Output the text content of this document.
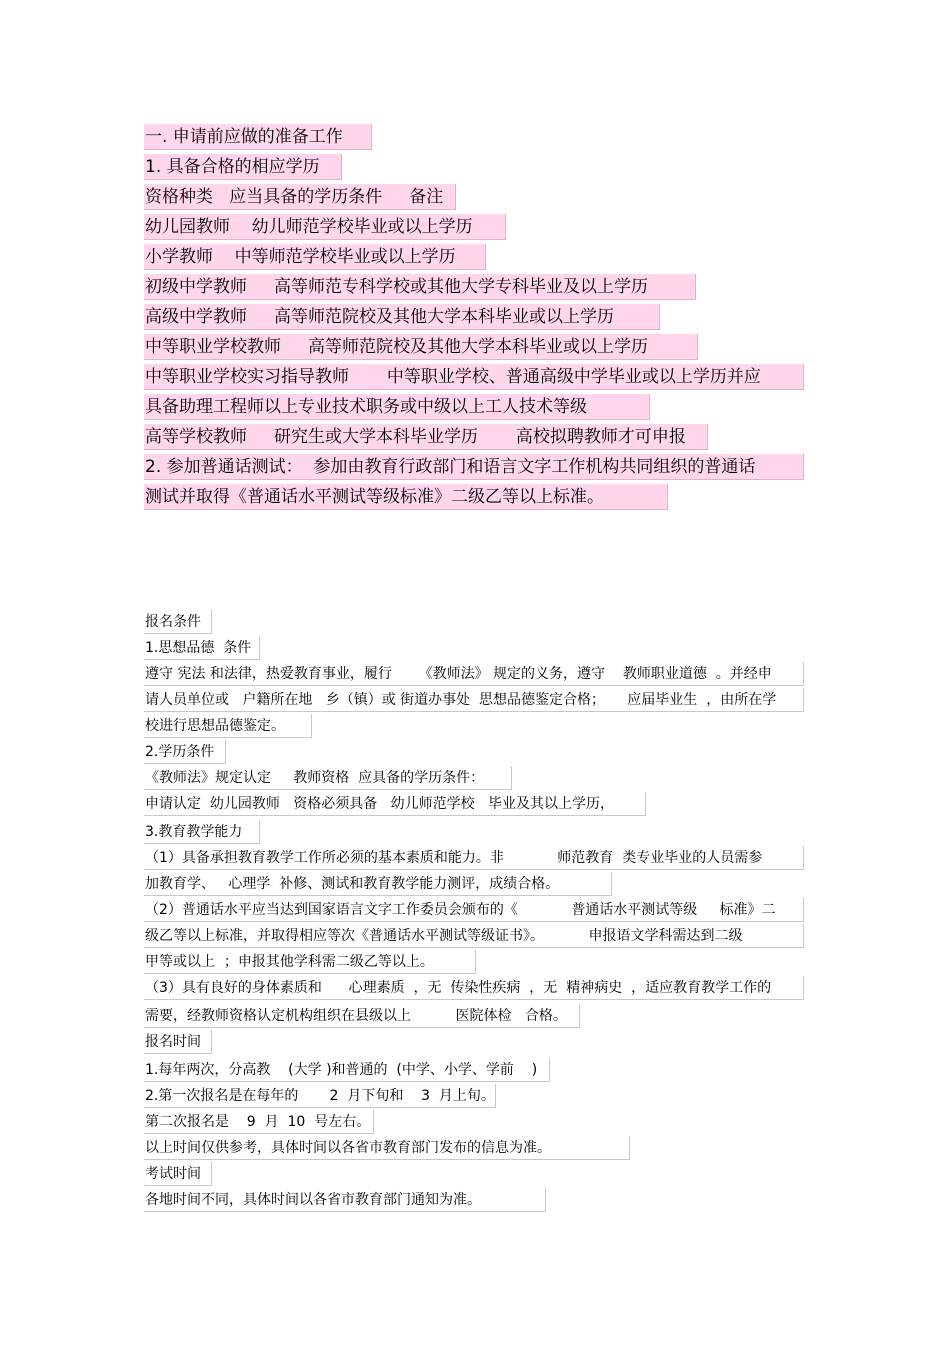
一. 申请前应做的准备工作
1. 具备合格的相应学历
资格种类   应当具备的学历条件     备注
幼儿园教师    幼儿师范学校毕业或以上学历
小学教师    中等师范学校毕业或以上学历
初级中学教师     高等师范专科学校或其他大学专科毕业及以上学历
高级中学教师     高等师范院校及其他大学本科毕业或以上学历
中等职业学校教师     高等师范院校及其他大学本科毕业或以上学历
中等职业学校实习指导教师       中等职业学校、普通高级中学毕业或以上学历并应
具备助理工程师以上专业技术职务或中级以上工人技术等级
高等学校教师     研究生或大学本科毕业学历       高校拟聘教师才可申报
2. 参加普通话测试：  参加由教育行政部门和语言文字工作机构共同组织的普通话
测试并取得《普通话水平测试等级标准》二级乙等以上标准。
报名条件
1.思想品德  条件
遵守 宪法 和法律，热爱教育事业，履行      《教师法》 规定的义务，遵守    教师职业道德  。并经申
请人员单位或   户籍所在地   乡（镇）或 街道办事处  思想品德鉴定合格；     应届毕业生  ，由所在学
校进行思想品德鉴定。
2.学历条件
《教师法》规定认定     教师资格  应具备的学历条件：
申请认定  幼儿园教师   资格必须具备   幼儿师范学校   毕业及其以上学历，
3.教育教学能力
（1）具备承担教育教学工作所必须的基本素质和能力。非            师范教育  类专业毕业的人员需参
加教育学、   心理学  补修、测试和教育教学能力测评，成绩合格。
（2）普通话水平应当达到国家语言文字工作委员会颁布的《            普通话水平测试等级     标准》二
级乙等以上标准，并取得相应等次《普通话水平测试等级证书》。          申报语文学科需达到二级
甲等或以上  ；申报其他学科需二级乙等以上。
（3）具有良好的身体素质和      心理素质  ，无  传染性疾病  ，无  精神病史  ，适应教育教学工作的
需要，经教师资格认定机构组织在县级以上          医院体检   合格。
报名时间
1.每年两次，分高教    (大学 )和普通的  (中学、小学、学前    )
2.第一次报名是在每年的       2  月下旬和    3  月上旬。
第二次报名是    9  月  10  号左右。
以上时间仅供参考，具体时间以各省市教育部门发布的信息为准。
考试时间
各地时间不同，具体时间以各省市教育部门通知为准。
